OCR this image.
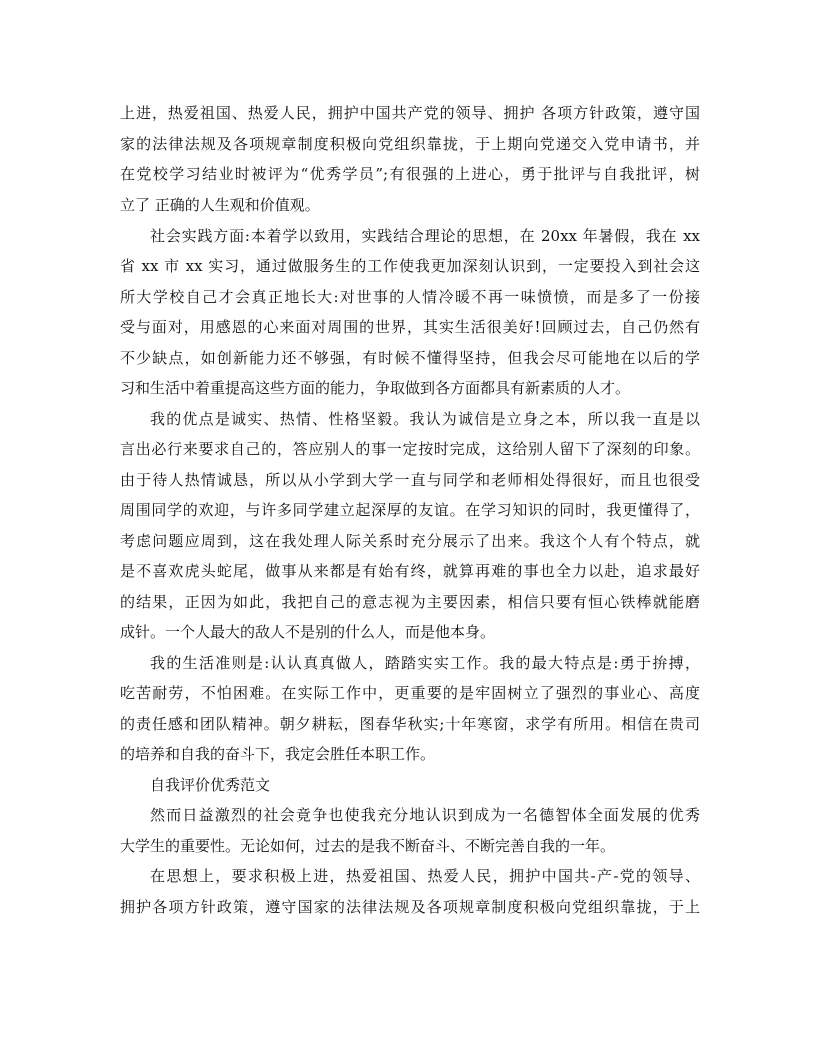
上进，热爱祖国、热爱人民，拥护中国共产党的领导、拥护 各项方针政策，遵守国
家的法律法规及各项规章制度积极向党组织靠拢，于上期向党递交入党申请书，并
在党校学习结业时被评为“优秀学员”;有很强的上进心，勇于批评与自我批评，树
立了 正确的人生观和价值观。
社会实践方面:本着学以致用，实践结合理论的思想，在 20xx 年暑假，我在 xx
省 xx 市 xx 实习，通过做服务生的工作使我更加深刻认识到，一定要投入到社会这
所大学校自己才会真正地长大:对世事的人情冷暖不再一味愤愤，而是多了一份接
受与面对，用感恩的心来面对周围的世界，其实生活很美好!回顾过去，自己仍然有
不少缺点，如创新能力还不够强，有时候不懂得坚持，但我会尽可能地在以后的学
习和生活中着重提高这些方面的能力，争取做到各方面都具有新素质的人才。
我的优点是诚实、热情、性格坚毅。我认为诚信是立身之本，所以我一直是以
言出必行来要求自己的，答应别人的事一定按时完成，这给别人留下了深刻的印象。
由于待人热情诚恳，所以从小学到大学一直与同学和老师相处得很好，而且也很受
周围同学的欢迎，与许多同学建立起深厚的友谊。在学习知识的同时，我更懂得了，
考虑问题应周到，这在我处理人际关系时充分展示了出来。我这个人有个特点，就
是不喜欢虎头蛇尾，做事从来都是有始有终，就算再难的事也全力以赴，追求最好
的结果，正因为如此，我把自己的意志视为主要因素，相信只要有恒心铁棒就能磨
成针。一个人最大的敌人不是别的什么人，而是他本身。
我的生活准则是:认认真真做人，踏踏实实工作。我的最大特点是:勇于拚搏，
吃苦耐劳，不怕困难。在实际工作中，更重要的是牢固树立了强烈的事业心、高度
的责任感和团队精神。朝夕耕耘，图春华秋实;十年寒窗，求学有所用。相信在贵司
的培养和自我的奋斗下，我定会胜任本职工作。
自我评价优秀范文
然而日益激烈的社会竟争也使我充分地认识到成为一名德智体全面发展的优秀
大学生的重要性。无论如何，过去的是我不断奋斗、不断完善自我的一年。
在思想上，要求积极上进，热爱祖国、热爱人民，拥护中国共-产-党的领导、
拥护各项方针政策，遵守国家的法律法规及各项规章制度积极向党组织靠拢，于上
